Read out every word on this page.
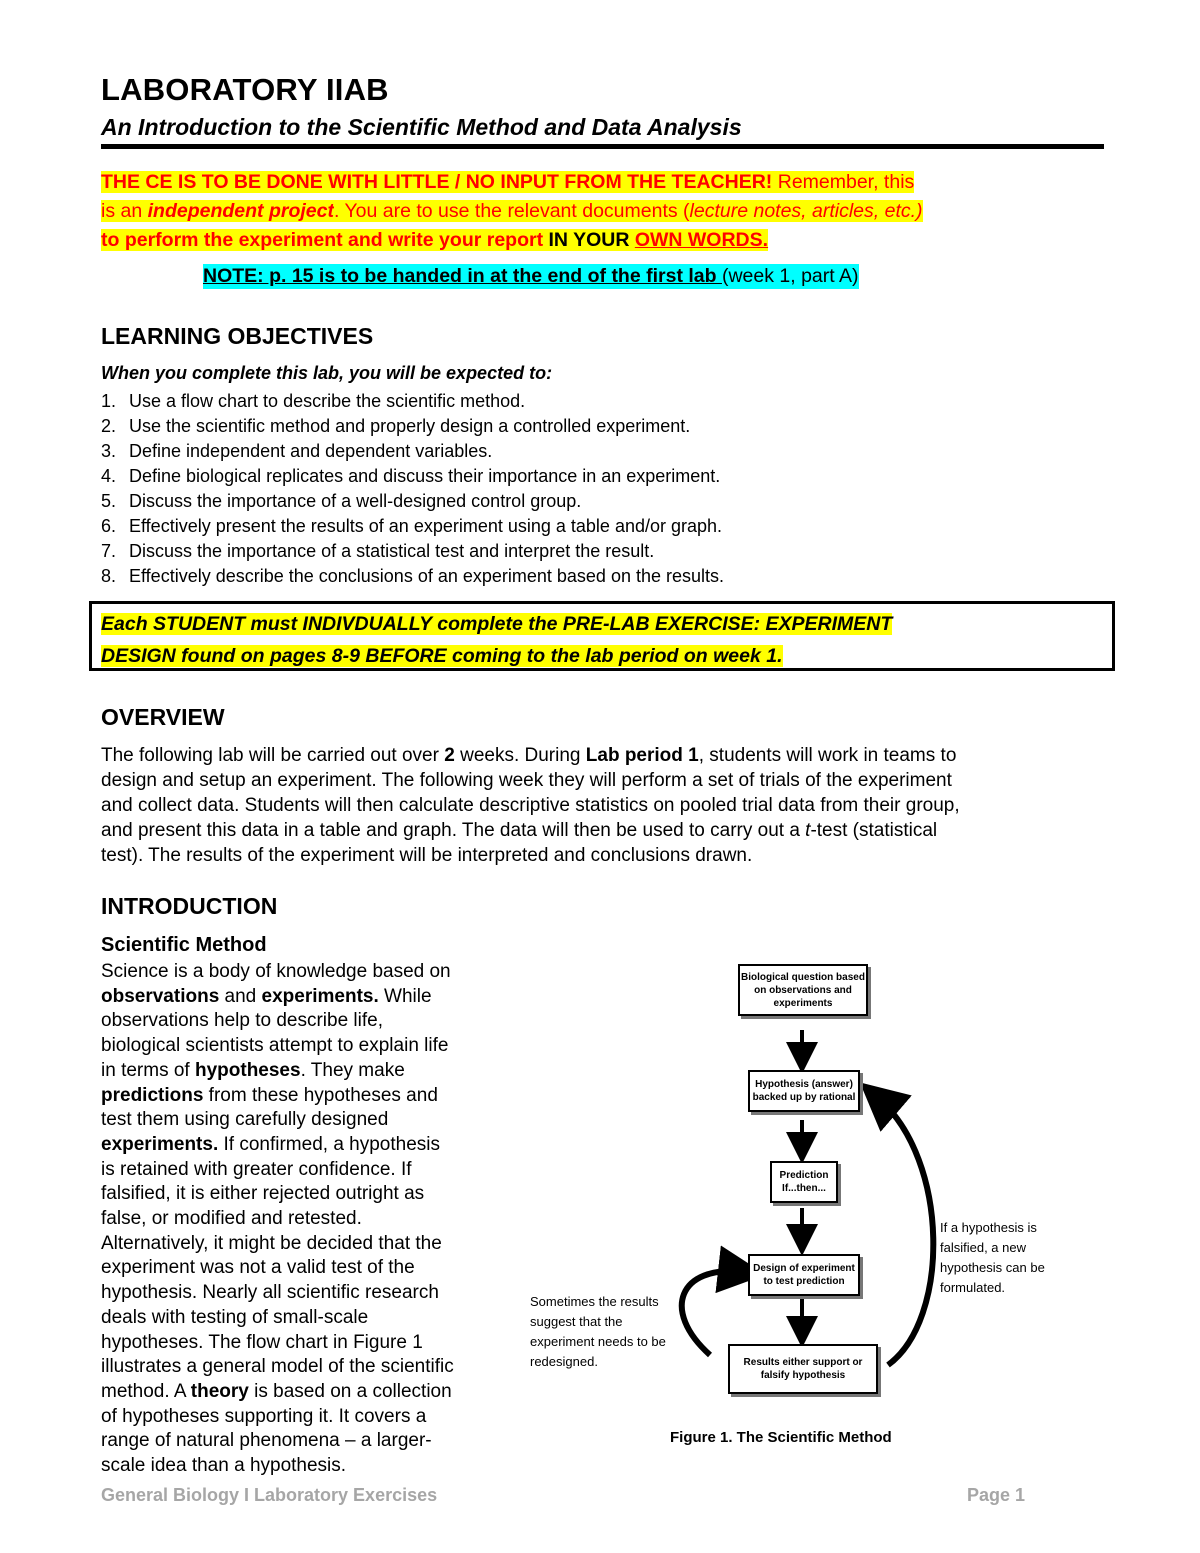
LABORATORY IIAB
An Introduction to the Scientific Method and Data Analysis
THE CE IS TO BE DONE WITH LITTLE / NO INPUT FROM THE TEACHER! Remember, this
is an independent project. You are to use the relevant documents (lecture notes, articles, etc.)
to perform the experiment and write your report IN YOUR OWN WORDS.
NOTE: p. 15 is to be handed in at the end of the first lab (week 1, part A)
LEARNING OBJECTIVES
When you complete this lab, you will be expected to:
1. Use a flow chart to describe the scientific method.
2. Use the scientific method and properly design a controlled experiment.
3. Define independent and dependent variables.
4. Define biological replicates and discuss their importance in an experiment.
5. Discuss the importance of a well-designed control group.
6. Effectively present the results of an experiment using a table and/or graph.
7. Discuss the importance of a statistical test and interpret the result.
8. Effectively describe the conclusions of an experiment based on the results.
Each STUDENT must INDIVDUALLY complete the PRE-LAB EXERCISE: EXPERIMENT
DESIGN found on pages 8-9 BEFORE coming to the lab period on week 1.
OVERVIEW
The following lab will be carried out over 2 weeks. During Lab period 1, students will work in teams to
design and setup an experiment. The following week they will perform a set of trials of the experiment
and collect data. Students will then calculate descriptive statistics on pooled trial data from their group,
and present this data in a table and graph. The data will then be used to carry out a t-test (statistical
test). The results of the experiment will be interpreted and conclusions drawn.
INTRODUCTION
Scientific Method
Science is a body of knowledge based on
observations and experiments. While
observations help to describe life,
biological scientists attempt to explain life
in terms of hypotheses. They make
predictions from these hypotheses and
test them using carefully designed
experiments. If confirmed, a hypothesis
is retained with greater confidence. If
falsified, it is either rejected outright as
false, or modified and retested.
Alternatively, it might be decided that the
experiment was not a valid test of the
hypothesis. Nearly all scientific research
deals with testing of small-scale
hypotheses. The flow chart in Figure 1
illustrates a general model of the scientific
method. A theory is based on a collection
of hypotheses supporting it. It covers a
range of natural phenomena – a larger-
scale idea than a hypothesis.
Biological question based on observations and experiments
Hypothesis (answer) backed up by rational
Prediction If...then...
Design of experiment to test prediction
Results either support or falsify hypothesis
If a hypothesis is
falsified, a new
hypothesis can be
formulated.
Sometimes the results
suggest that the
experiment needs to be
redesigned.
Figure 1. The Scientific Method
General Biology I Laboratory Exercises	Page 1
